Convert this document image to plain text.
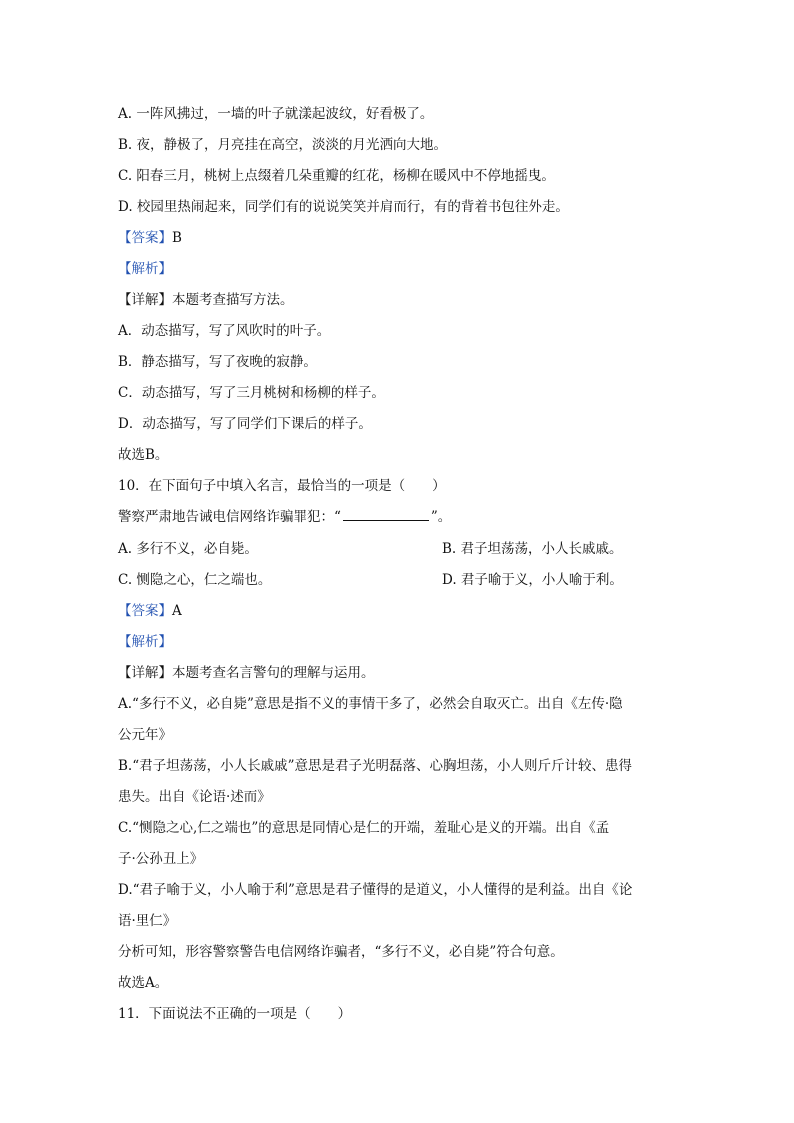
A. 一阵风拂过，一墙的叶子就漾起波纹，好看极了。
B. 夜，静极了，月亮挂在高空，淡淡的月光洒向大地。
C. 阳春三月，桃树上点缀着几朵重瓣的红花，杨柳在暖风中不停地摇曳。
D. 校园里热闹起来，同学们有的说说笑笑并肩而行，有的背着书包往外走。
【答案】B
【解析】
【详解】本题考查描写方法。
A．动态描写，写了风吹时的叶子。
B．静态描写，写了夜晚的寂静。
C．动态描写，写了三月桃树和杨柳的样子。
D．动态描写，写了同学们下课后的样子。
故选B。
10．在下面句子中填入名言，最恰当的一项是（　　）
警察严肃地告诫电信网络诈骗罪犯：“	”。
A. 多行不义，必自毙。	B. 君子坦荡荡，小人长戚戚。
C. 恻隐之心，仁之端也。	D. 君子喻于义，小人喻于利。
【答案】A
【解析】
【详解】本题考查名言警句的理解与运用。
A.“多行不义，必自毙”意思是指不义的事情干多了，必然会自取灭亡。出自《左传·隐
公元年》
B.“君子坦荡荡，小人长戚戚”意思是君子光明磊落、心胸坦荡，小人则斤斤计较、患得
患失。出自《论语·述而》
C.“恻隐之心,仁之端也”的意思是同情心是仁的开端，羞耻心是义的开端。出自《孟
子·公孙丑上》
D.“君子喻于义，小人喻于利”意思是君子懂得的是道义，小人懂得的是利益。出自《论
语·里仁》
分析可知，形容警察警告电信网络诈骗者，“多行不义，必自毙”符合句意。
故选A。
11．下面说法不正确的一项是（　　）
